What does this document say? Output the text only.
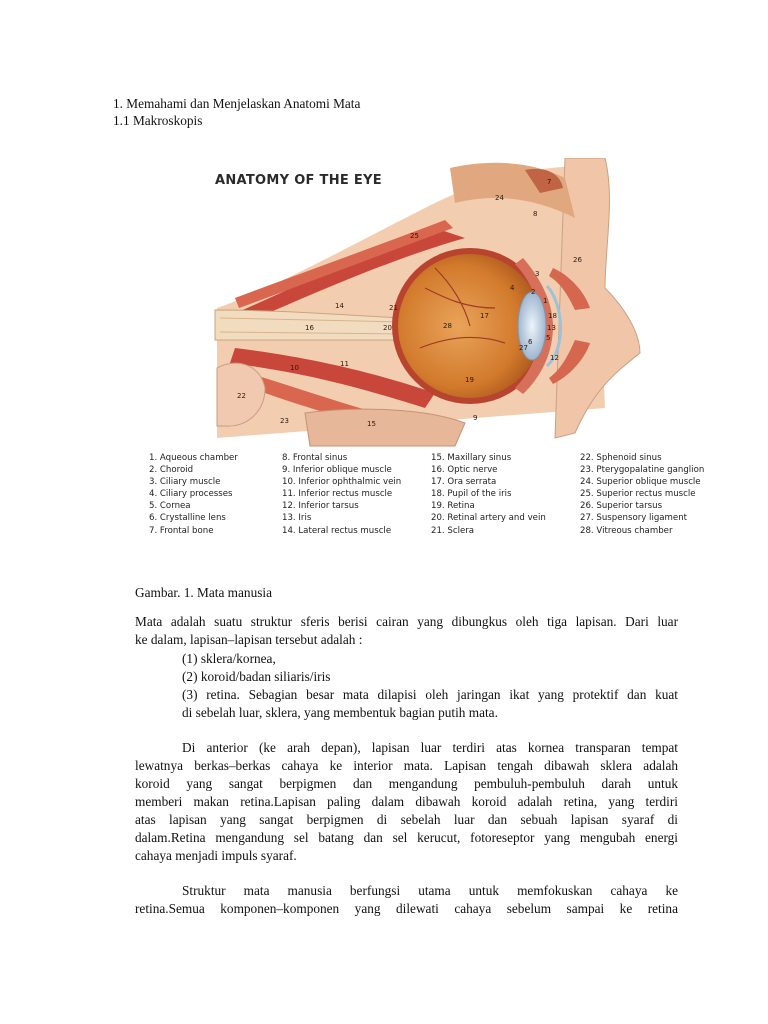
1. Memahami dan Menjelaskan Anatomi Mata
1.1 Makroskopis
25
26
7
21
16	20	28
17
14
11
10
19
22
23	15
9
12
18
1
2
3
4
5
6
13
27
8
24
ANATOMY OF THE EYE
1. Aqueous chamber
2. Choroid
3. Ciliary muscle
4. Ciliary processes
5. Cornea
6. Crystalline lens
7. Frontal bone
8. Frontal sinus
9. Inferior oblique muscle
10. Inferior ophthalmic vein
11. Inferior rectus muscle
12. Inferior tarsus
13. Iris
14. Lateral rectus muscle
15. Maxillary sinus
16. Optic nerve
17. Ora serrata
18. Pupil of the iris
19. Retina
20. Retinal artery and vein
21. Sclera
22. Sphenoid sinus
23. Pterygopalatine ganglion
24. Superior oblique muscle
25. Superior rectus muscle
26. Superior tarsus
27. Suspensory ligament
28. Vitreous chamber
Gambar. 1. Mata manusia

Mata adalah suatu struktur sferis berisi cairan yang dibungkus oleh tiga lapisan. Dari luar

ke dalam, lapisan–lapisan tersebut adalah :

(1) sklera/kornea,
(2) koroid/badan siliaris/iris

(3) retina. Sebagian besar mata dilapisi oleh jaringan ikat yang protektif dan kuat

di sebelah luar, sklera, yang membentuk bagian putih mata.

Di anterior (ke arah depan), lapisan luar terdiri atas kornea transparan tempat

lewatnya berkas–berkas cahaya ke interior mata. Lapisan tengah dibawah sklera adalah

koroid yang sangat berpigmen dan mengandung pembuluh-pembuluh darah untuk

memberi makan retina.Lapisan paling dalam dibawah koroid adalah retina, yang terdiri

atas lapisan yang sangat berpigmen di sebelah luar dan sebuah lapisan syaraf di

dalam.Retina mengandung sel batang dan sel kerucut, fotoreseptor yang mengubah energi

cahaya menjadi impuls syaraf.

Struktur mata manusia berfungsi utama untuk memfokuskan cahaya ke

retina.Semua komponen–komponen yang dilewati cahaya sebelum sampai ke retina
